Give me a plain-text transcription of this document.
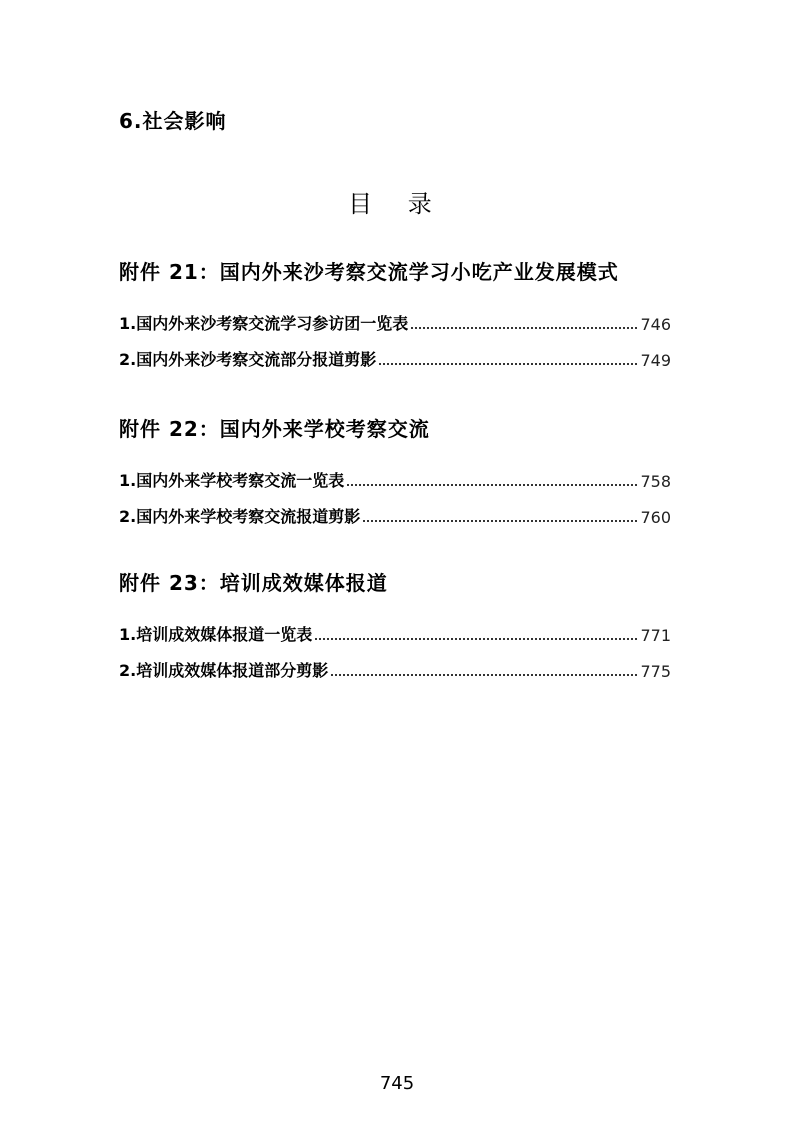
6.社会影响
目 录
附件 21：国内外来沙考察交流学习小吃产业发展模式
1.国内外来沙考察交流学习参访团一览表	746
2.国内外来沙考察交流部分报道剪影	749
附件 22：国内外来学校考察交流
1.国内外来学校考察交流一览表	758
2.国内外来学校考察交流报道剪影	760
附件 23：培训成效媒体报道
1.培训成效媒体报道一览表	771
2.培训成效媒体报道部分剪影	775
745
